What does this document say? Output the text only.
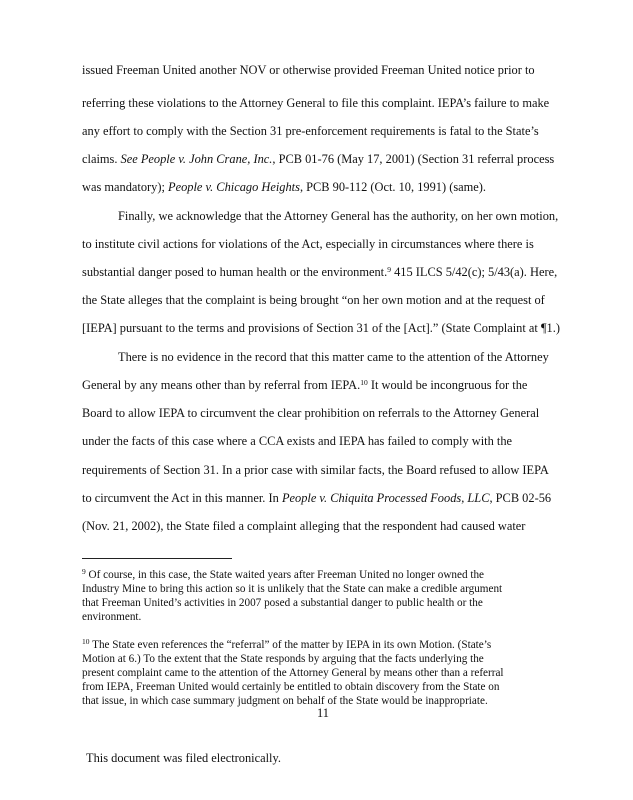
issued Freeman United another NOV or otherwise provided Freeman United notice prior to
referring these violations to the Attorney General to file this complaint. IEPA’s failure to make
any effort to comply with the Section 31 pre-enforcement requirements is fatal to the State’s
claims. See People v. John Crane, Inc., PCB 01-76 (May 17, 2001) (Section 31 referral process
was mandatory); People v. Chicago Heights, PCB 90-112 (Oct. 10, 1991) (same).
Finally, we acknowledge that the Attorney General has the authority, on her own motion,
to institute civil actions for violations of the Act, especially in circumstances where there is
substantial danger posed to human health or the environment.$^9$ 415 ILCS 5/42(c); 5/43(a). Here,
the State alleges that the complaint is being brought “on her own motion and at the request of
[IEPA] pursuant to the terms and provisions of Section 31 of the [Act].” (State Complaint at ¶1.)
There is no evidence in the record that this matter came to the attention of the Attorney
General by any means other than by referral from IEPA.$^{10}$ It would be incongruous for the
Board to allow IEPA to circumvent the clear prohibition on referrals to the Attorney General
under the facts of this case where a CCA exists and IEPA has failed to comply with the
requirements of Section 31. In a prior case with similar facts, the Board refused to allow IEPA
to circumvent the Act in this manner. In People v. Chiquita Processed Foods, LLC, PCB 02-56
(Nov. 21, 2002), the State filed a complaint alleging that the respondent had caused water
$^9$ Of course, in this case, the State waited years after Freeman United no longer owned the
Industry Mine to bring this action so it is unlikely that the State can make a credible argument
that Freeman United’s activities in 2007 posed a substantial danger to public health or the
environment.
$^{10}$ The State even references the “referral” of the matter by IEPA in its own Motion. (State’s
Motion at 6.) To the extent that the State responds by arguing that the facts underlying the
present complaint came to the attention of the Attorney General by means other than a referral
from IEPA, Freeman United would certainly be entitled to obtain discovery from the State on
that issue, in which case summary judgment on behalf of the State would be inappropriate.
11
This document was filed electronically.
